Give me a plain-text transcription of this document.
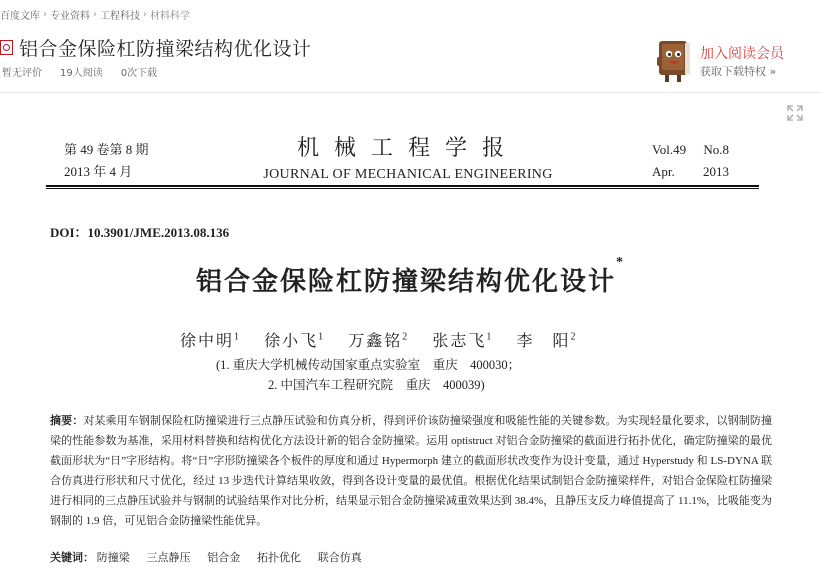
百度文库 › 专业资料 › 工程科技 › 材料科学
铝合金保险杠防撞梁结构优化设计
暂无评价 19人阅读 0次下载
加入阅读会员
获取下载特权 »
第 49 卷第 8 期
2013 年 4 月
机械工程学报
JOURNAL OF MECHANICAL ENGINEERING
Vol.49 No.8
Apr. 2013
DOI：10.3901/JME.2013.08.136
铝合金保险杠防撞梁结构优化设计*
徐中明$^1$ 徐小飞$^1$ 万鑫铭$^2$ 张志飞$^1$ 李　阳$^2$
(1. 重庆大学机械传动国家重点实验室　重庆　400030；
2. 中国汽车工程研究院　重庆　400039)
摘要：对某乘用车钢制保险杠防撞梁进行三点静压试验和仿真分析，得到评价该防撞梁强度和吸能性能的关键参数。为实现轻量化要求，以钢制防撞梁的性能参数为基准，采用材料替换和结构优化方法设计新的铝合金防撞梁。运用 optistruct 对铝合金防撞梁的截面进行拓扑优化，确定防撞梁的最优截面形状为“日”字形结构。将“日”字形防撞梁各个板件的厚度和通过 Hypermorph 建立的截面形状改变作为设计变量，通过 Hyperstudy 和 LS-DYNA 联合仿真进行形状和尺寸优化，经过 13 步迭代计算结果收敛，得到各设计变量的最优值。根据优化结果试制铝合金防撞梁样件，对铝合金保险杠防撞梁进行相同的三点静压试验并与钢制的试验结果作对比分析，结果显示铝合金防撞梁减重效果达到 38.4%，且静压支反力峰值提高了 11.1%，比吸能变为钢制的 1.9 倍，可见铝合金防撞梁性能优异。
关键词： 防撞梁 三点静压 铝合金 拓扑优化 联合仿真
